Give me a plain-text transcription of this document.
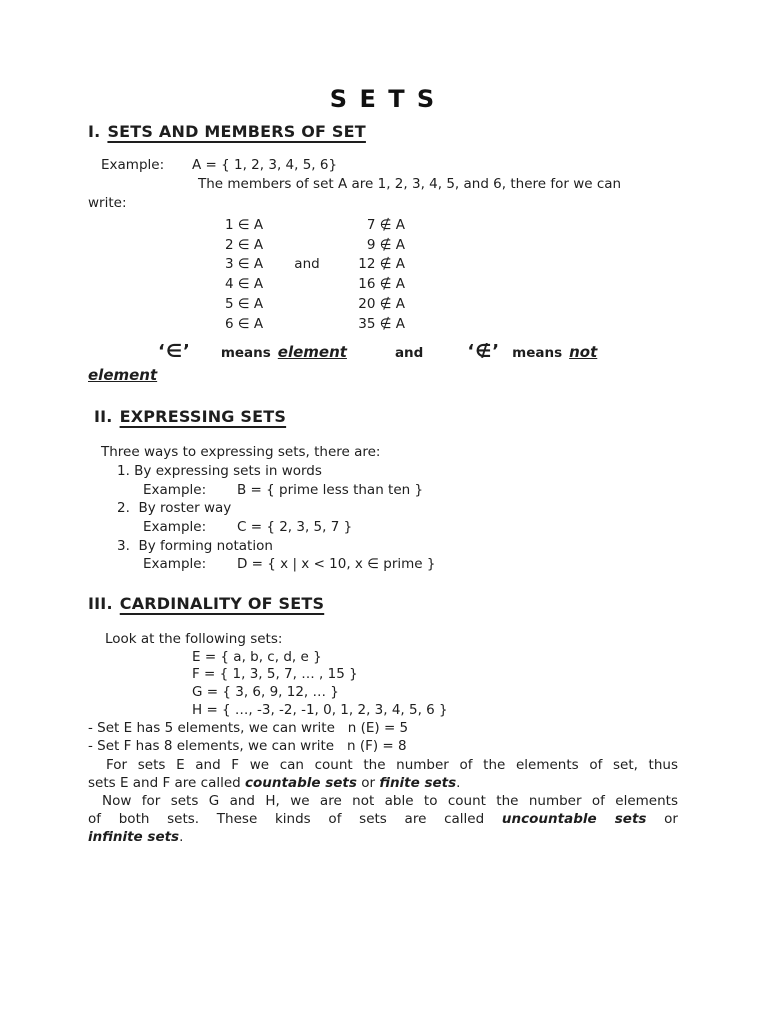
S E T S
I. SETS AND MEMBERS OF SET
Example: A = { 1, 2, 3, 4, 5, 6}
The members of set A are 1, 2, 3, 4, 5, and 6, there for we can
write:
1 ∈ A	7 ∉ A
2 ∈ A	9 ∉ A
3 ∈ A	and	12 ∉ A
4 ∈ A	16 ∉ A
5 ∈ A	20 ∉ A
6 ∈ A	35 ∉ A
‘∈’ means element	and ‘∉’ means not
element
II. EXPRESSING SETS
Three ways to expressing sets, there are:
1. By expressing sets in words
Example: B = { prime less than ten }
2.  By roster way
Example: C = { 2, 3, 5, 7 }
3.  By forming notation
Example: D = { x | x < 10, x ∈ prime }
III. CARDINALITY OF SETS
Look at the following sets:
E = { a, b, c, d, e }
F = { 1, 3, 5, 7, … , 15 }
G = { 3, 6, 9, 12, … }
H = { …, -3, -2, -1, 0, 1, 2, 3, 4, 5, 6 }
- Set E has 5 elements, we can write   n (E) = 5
- Set F has 8 elements, we can write   n (F) = 8
For sets E and F we can count the number of the elements of set, thus
sets E and F are called countable sets or finite sets.
Now for sets G and H, we are not able to count the number of elements
of both sets. These kinds of sets are called uncountable sets or
infinite sets.
